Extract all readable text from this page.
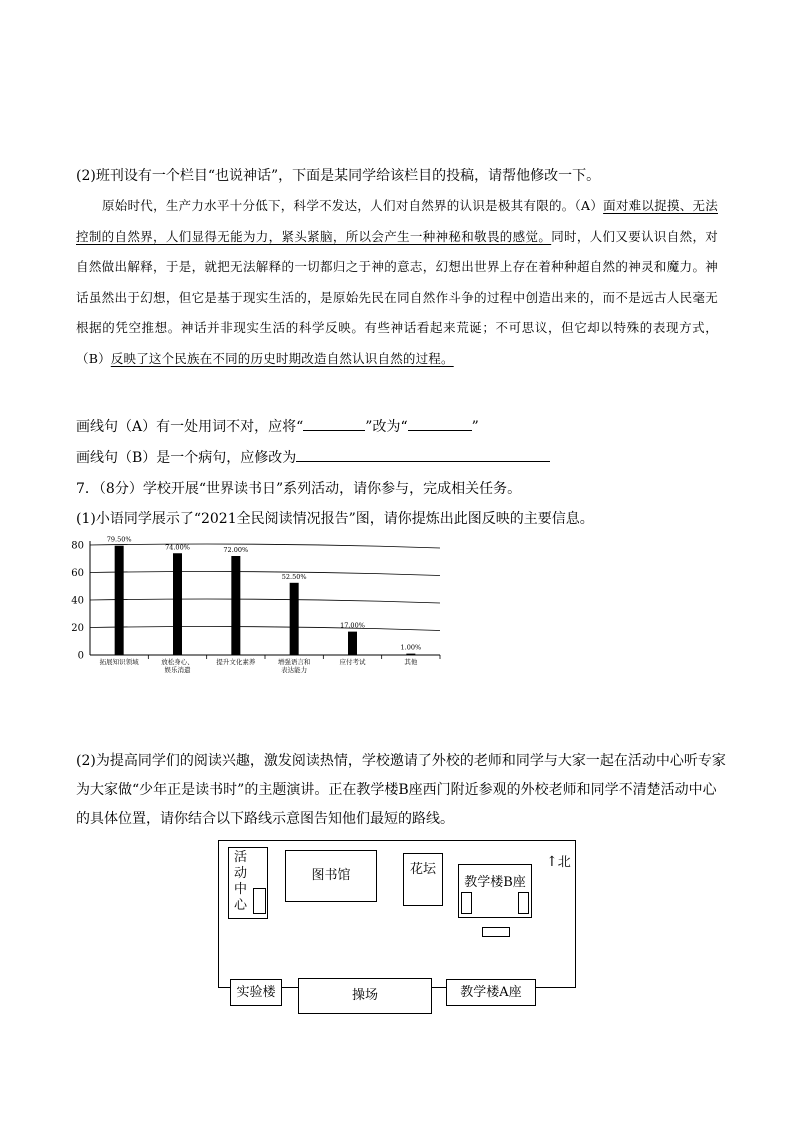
(2)班刊设有一个栏目“也说神话”，下面是某同学给该栏目的投稿，请帮他修改一下。
原始时代，生产力水平十分低下，科学不发达，人们对自然界的认识是极其有限的。（A）面对难以捉摸、无法控制的自然界，人们显得无能为力，紧头紧脑，所以会产生一种神秘和敬畏的感觉。同时，人们又要认识自然，对自然做出解释，于是，就把无法解释的一切都归之于神的意志，幻想出世界上存在着种种超自然的神灵和魔力。神话虽然出于幻想，但它是基于现实生活的，是原始先民在同自然作斗争的过程中创造出来的，而不是远古人民毫无根据的凭空推想。神话并非现实生活的科学反映。有些神话看起来荒诞；不可思议，但它却以特殊的表现方式，（B）反映了这个民族在不同的历史时期改造自然认识自然的过程。
画线句（A）有一处用词不对，应将“	”改为“	”
画线句（B）是一个病句，应修改为
7．（8分）学校开展“世界读书日”系列活动，请你参与，完成相关任务。
(1)小语同学展示了“2021全民阅读情况报告”图，请你提炼出此图反映的主要信息。
0
20
40
60
80
79.50%
拓展知识领域
74.00%
放松身心、
娱乐消遣
72.00%
提升文化素养
52.50%
增强语言和
表达能力
17.00%
应付考试
1.00%
其他
(2)为提高同学们的阅读兴趣，激发阅读热情，学校邀请了外校的老师和同学与大家一起在活动中心听专家
为大家做“少年正是读书时”的主题演讲。正在教学楼B座西门附近参观的外校老师和同学不清楚活动中心
的具体位置，请你结合以下路线示意图告知他们最短的路线。
活动中心
图书馆	花坛	↑北
教学楼B座
实验楼	操场	教学楼A座
